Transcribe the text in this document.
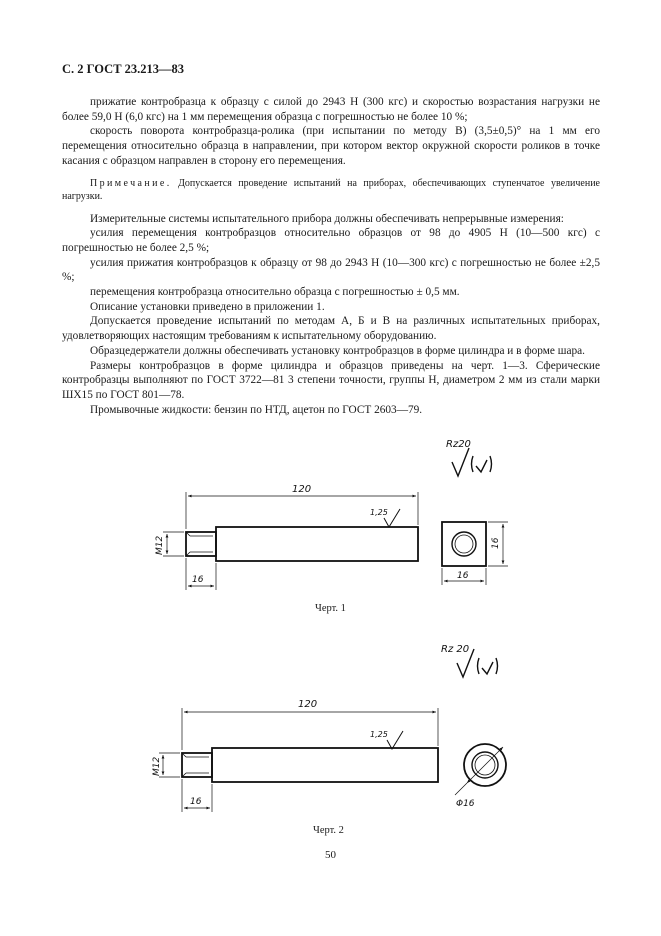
С. 2 ГОСТ 23.213—83

прижатие контробразца к образцу с силой до 2943 Н (300 кгс) и скоростью возрастания нагрузки не более 59,0 Н (6,0 кгс) на 1 мм перемещения образца с погрешностью не более 10 %;

скорость поворота контробразца-ролика (при испытании по методу В) (3,5±0,5)° на 1 мм его перемещения относительно образца в направлении, при котором вектор окружной скорости роликов в точке касания с образцом направлен в сторону его перемещения.

Примечание. Допускается проведение испытаний на приборах, обеспечивающих ступенчатое увеличение нагрузки.

Измерительные системы испытательного прибора должны обеспечивать непрерывные измерения:

усилия перемещения контробразцов относительно образцов от 98 до 4905 Н (10—500 кгс) с погрешностью не более 2,5 %;

усилия прижатия контробразцов к образцу от 98 до 2943 Н (10—300 кгс) с погрешностью не более ±2,5 %;

перемещения контробразца относительно образца с погрешностью ± 0,5 мм.

Описание установки приведено в приложении 1.

Допускается проведение испытаний по методам А, Б и В на различных испытательных приборах, удовлетворяющих настоящим требованиям к испытательному оборудованию.

Образцедержатели должны обеспечивать установку контробразцов в форме цилиндра и в форме шара.

Размеры контробразцов в форме цилиндра и образцов приведены на черт. 1—3. Сферические контробразцы выполняют по ГОСТ 3722—81 3 степени точности, группы Н, диаметром 2 мм из стали марки ШХ15 по ГОСТ 801—78.

Промывочные жидкости: бензин по НТД, ацетон по ГОСТ 2603—79.

Rz20
120
1,25
M12
16
16
16
Rz 20
120
1,25
M12
16	Φ16
Черт. 1
Черт. 2
50
